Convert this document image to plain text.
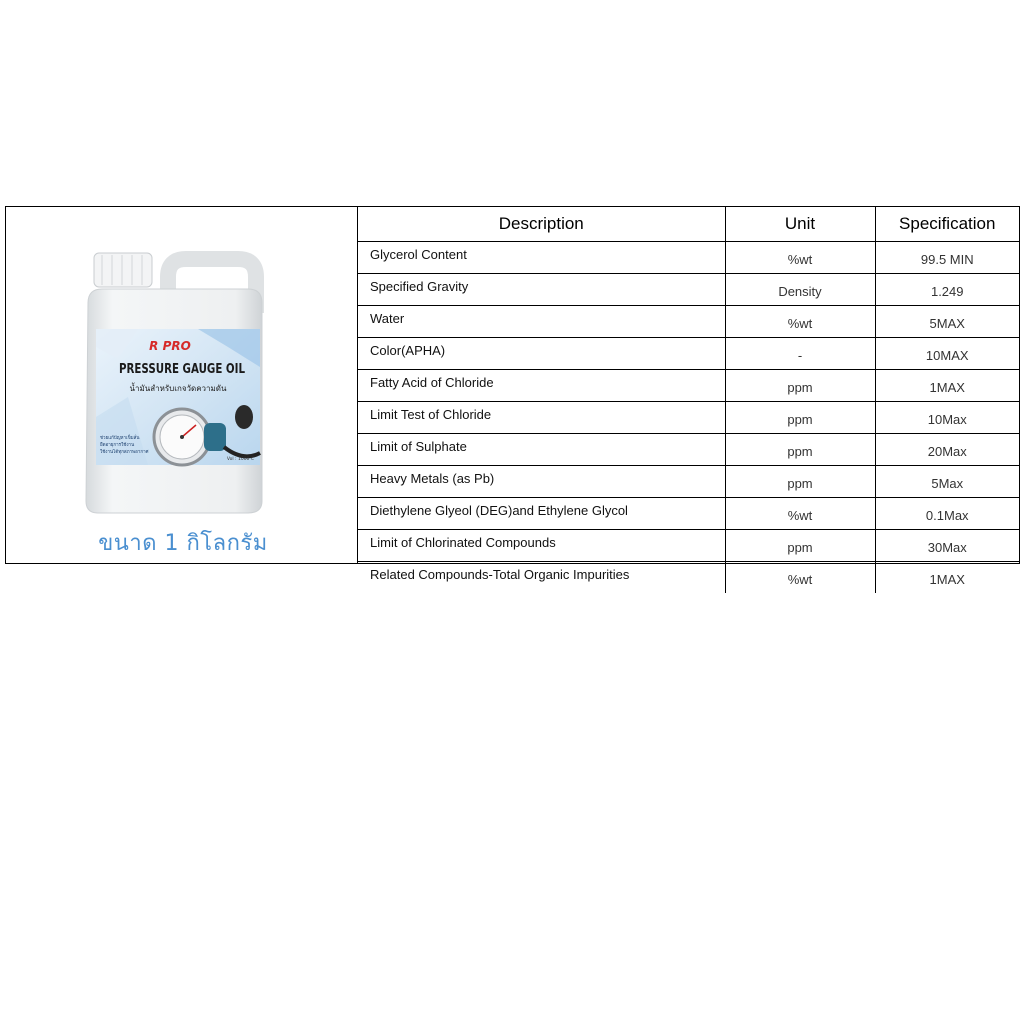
R PRO
PRESSURE GAUGE OIL
น้ำมันสำหรับเกจวัดความดัน
ช่วยแก้ปัญหาเข็มสั่น
ยืดอายุการใช้งาน
ใช้งานได้ทุกสภาพอากาศ
Vol : 1000 C
ขนาด 1 กิโลกรัม
Description	Unit	Specification
Glycerol Content	%wt	99.5 MIN
Specified Gravity	Density	1.249
Water	%wt	5MAX
Color(APHA)	-	10MAX
Fatty Acid of Chloride	ppm	1MAX
Limit Test of Chloride	ppm	10Max
Limit of Sulphate	ppm	20Max
Heavy Metals (as Pb)	ppm	5Max
Diethylene Glyeol (DEG)and Ethylene Glycol	%wt	0.1Max
Limit of Chlorinated Compounds	ppm	30Max
Related Compounds-Total Organic Impurities	%wt	1MAX
